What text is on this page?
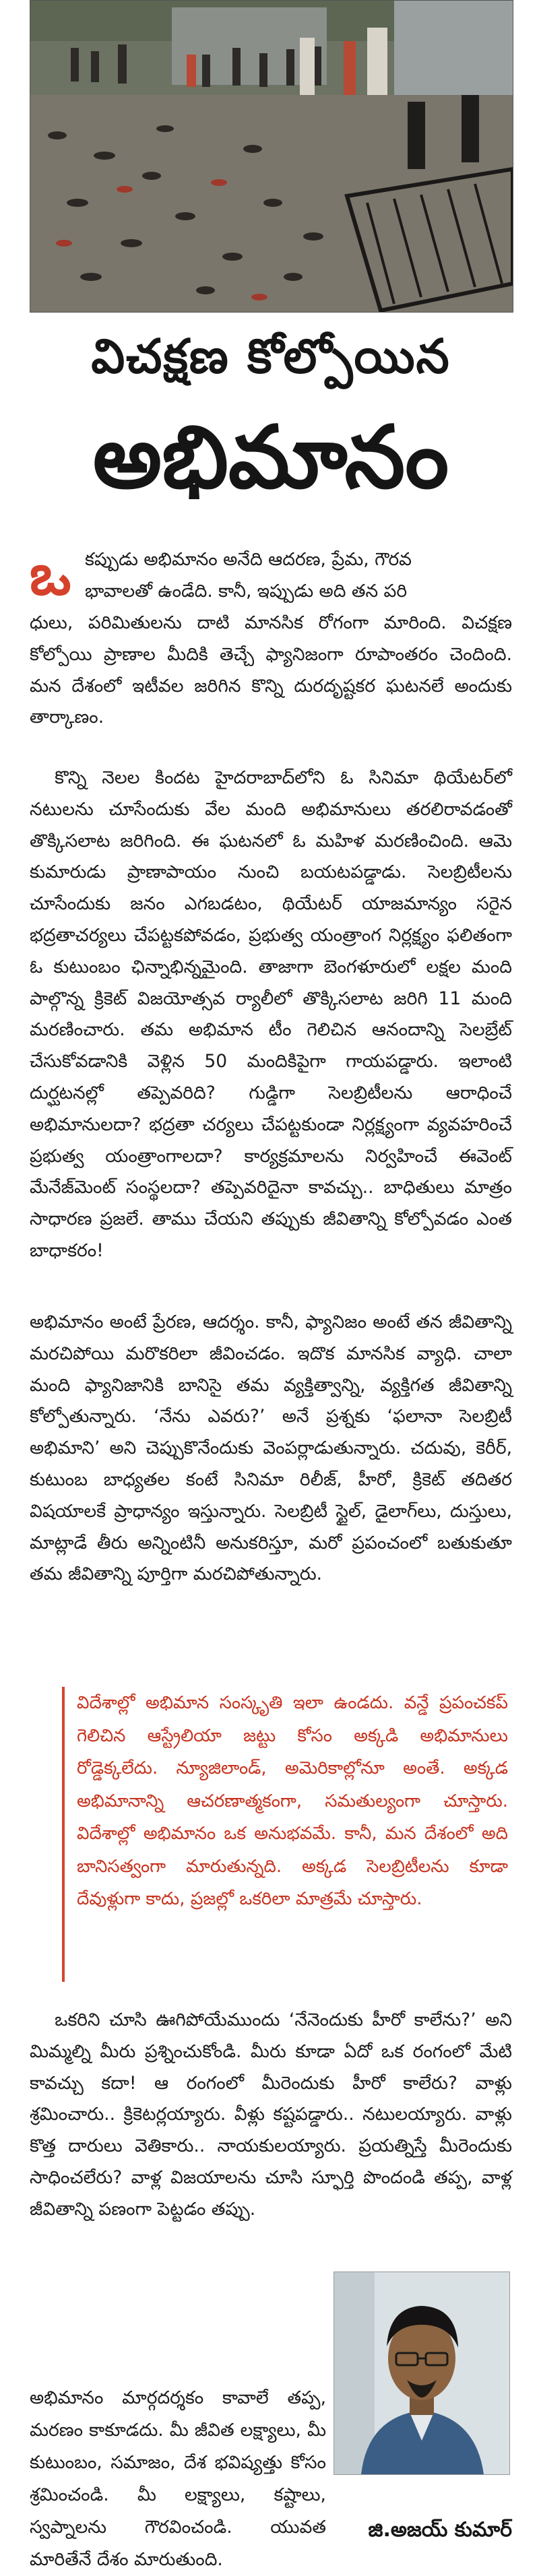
విచక్షణ కోల్పోయిన
అభిమానం
ఒ కప్పుడు అభిమానం అనేది ఆదరణ, ప్రేమ, గౌరవ

భావాలతో ఉండేది. కానీ, ఇప్పుడు అది తన పరి

ధులు, పరిమితులను దాటి మానసిక రోగంగా మారింది. విచక్షణ కోల్పోయి ప్రాణాల మీదికి తెచ్చే ఫ్యానిజంగా రూపాంతరం చెందింది. మన దేశంలో ఇటీవల జరిగిన కొన్ని దురదృష్టకర ఘటనలే అందుకు తార్కాణం.

కొన్ని నెలల కిందట హైదరాబాద్‌లోని ఓ సినిమా థియేటర్‌లో నటులను చూసేందుకు వేల మంది అభిమానులు తరలిరావడంతో తొక్కిసలాట జరిగింది. ఈ ఘటనలో ఓ మహిళ మరణించింది. ఆమె కుమారుడు ప్రాణాపాయం నుంచి బయటపడ్డాడు. సెలబ్రిటీలను చూసేందుకు జనం ఎగబడటం, థియేటర్ యాజమాన్యం సరైన భద్రతాచర్యలు చేపట్టకపోవడం, ప్రభుత్వ యంత్రాంగ నిర్లక్ష్యం ఫలితంగా ఓ కుటుంబం ఛిన్నాభిన్నమైంది. తాజాగా బెంగళూరులో లక్షల మంది పాల్గొన్న క్రికెట్ విజయోత్సవ ర్యాలీలో తొక్కిసలాట జరిగి 11 మంది మరణించారు. తమ అభిమాన టీం గెలిచిన ఆనందాన్ని సెలబ్రేట్ చేసుకోవడానికి వెళ్లిన 50 మందికిపైగా గాయపడ్డారు. ఇలాంటి దుర్ఘటనల్లో తప్పెవరిది? గుడ్డిగా సెలబ్రిటీలను ఆరాధించే అభిమానులదా? భద్రతా చర్యలు చేపట్టకుండా నిర్లక్ష్యంగా వ్యవహరించే ప్రభుత్వ యంత్రాంగాలదా? కార్యక్రమాలను నిర్వహించే ఈవెంట్ మేనేజ్‌మెంట్ సంస్థలదా? తప్పెవరిదైనా కావచ్చు.. బాధితులు మాత్రం సాధారణ ప్రజలే. తాము చేయని తప్పుకు జీవితాన్ని కోల్పోవడం ఎంత బాధాకరం!

అభిమానం అంటే ప్రేరణ, ఆదర్శం. కానీ, ఫ్యానిజం అంటే తన జీవితాన్ని మరచిపోయి మరొకరిలా జీవించడం. ఇదొక మానసిక వ్యాధి. చాలా మంది ఫ్యానిజానికి బానిసై తమ వ్యక్తిత్వాన్ని, వ్యక్తిగత జీవితాన్ని కోల్పోతున్నారు. ‘నేను ఎవరు?’ అనే ప్రశ్నకు ‘ఫలానా సెలబ్రిటీ అభిమాని’ అని చెప్పుకొనేందుకు వెంపర్లాడుతున్నారు. చదువు, కెరీర్, కుటుంబ బాధ్యతల కంటే సినిమా రిలీజ్, హీరో, క్రికెట్ తదితర విషయాలకే ప్రాధాన్యం ఇస్తున్నారు. సెలబ్రిటీ స్టైల్, డైలాగ్‌లు, దుస్తులు, మాట్లాడే తీరు అన్నింటినీ అనుకరిస్తూ, మరో ప్రపంచంలో బతుకుతూ తమ జీవితాన్ని పూర్తిగా మరచిపోతున్నారు.

విదేశాల్లో అభిమాన సంస్కృతి ఇలా ఉండదు. వన్డే ప్రపంచకప్ గెలిచిన ఆస్ట్రేలియా జట్టు కోసం అక్కడి అభిమానులు రోడ్డెక్కలేదు. న్యూజిలాండ్, అమెరికాల్లోనూ అంతే. అక్కడ అభిమానాన్ని ఆచరణాత్మకంగా, సమతుల్యంగా చూస్తారు. విదేశాల్లో అభిమానం ఒక అనుభవమే. కానీ, మన దేశంలో అది బానిసత్వంగా మారుతున్నది. అక్కడ సెలబ్రిటీలను కూడా దేవుళ్లుగా కాదు, ప్రజల్లో ఒకరిలా మాత్రమే చూస్తారు.

ఒకరిని చూసి ఊగిపోయేముందు ‘నేనెందుకు హీరో కాలేను?’ అని మిమ్మల్ని మీరు ప్రశ్నించుకోండి. మీరు కూడా ఏదో ఒక రంగంలో మేటి కావచ్చు కదా! ఆ రంగంలో మీరెందుకు హీరో కాలేరు? వాళ్లు శ్రమించారు.. క్రికెటర్లయ్యారు. వీళ్లు కష్టపడ్డారు.. నటులయ్యారు. వాళ్లు కొత్త దారులు వెతికారు.. నాయకులయ్యారు. ప్రయత్నిస్తే మీరెందుకు సాధించలేరు? వాళ్ల విజయాలను చూసి స్ఫూర్తి పొందండి తప్ప, వాళ్ల జీవితాన్ని పణంగా పెట్టడం తప్పు.

అభిమానం మార్గదర్శకం కావాలే తప్ప, మరణం కాకూడదు. మీ జీవిత లక్ష్యాలు, మీ కుటుంబం, సమాజం, దేశ భవిష్యత్తు కోసం శ్రమించండి. మీ లక్ష్యాలు, కష్టాలు, స్వప్నాలను గౌరవించండి. యువత మారితేనే దేశం మారుతుంది.

జి.అజయ్ కుమార్
